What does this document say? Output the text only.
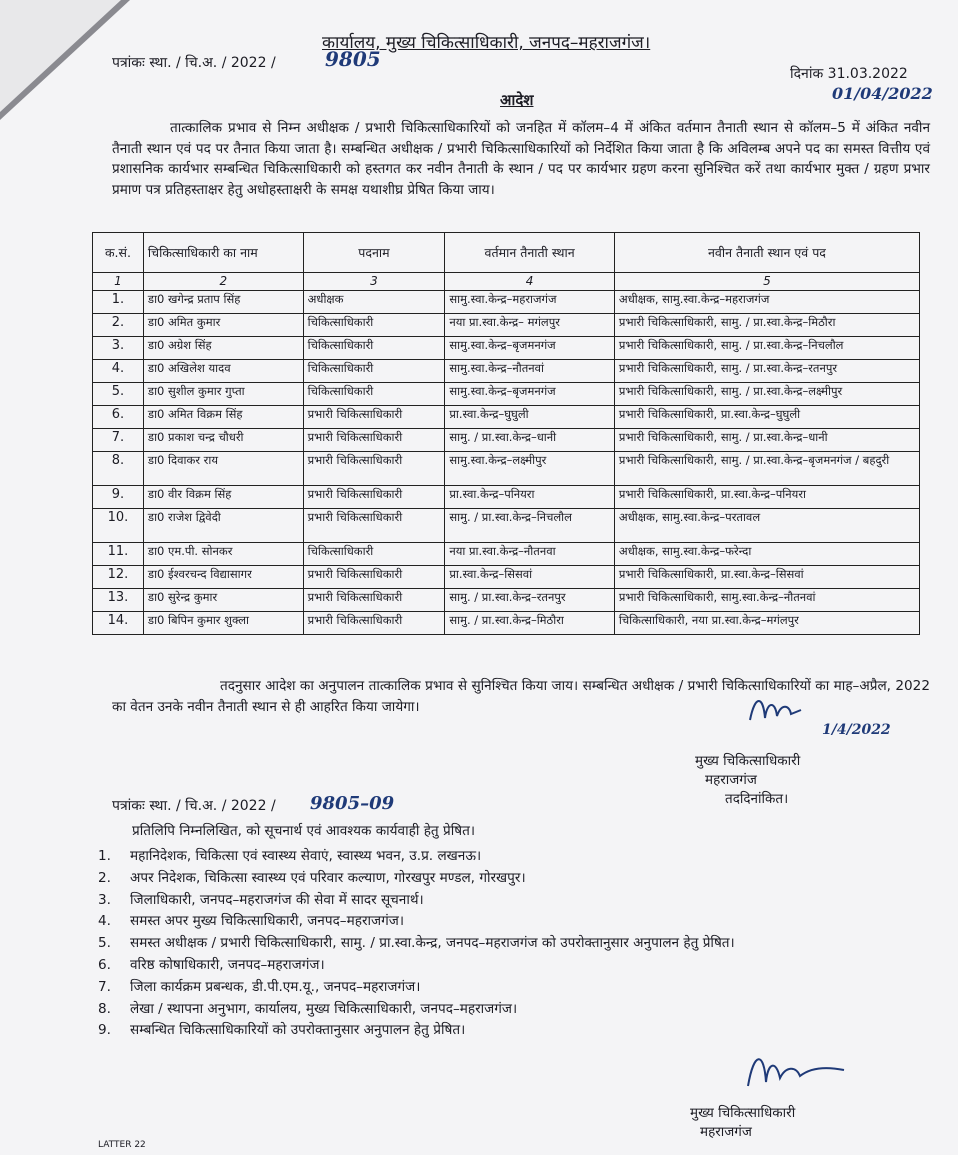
कार्यालय, मुख्य चिकित्साधिकारी, जनपद–महराजगंज।
पत्रांकः स्था. / चि.अ. / 2022 / 9805
दिनांक 31.03.2022
01/04/2022
आदेश
तात्कालिक प्रभाव से निम्न अधीक्षक / प्रभारी चिकित्साधिकारियों को जनहित में कॉलम–4 में अंकित वर्तमान तैनाती स्थान से कॉलम–5 में अंकित नवीन तैनाती स्थान एवं पद पर तैनात किया जाता है। सम्बन्धित अधीक्षक / प्रभारी चिकित्साधिकारियों को निर्देशित किया जाता है कि अविलम्ब अपने पद का समस्त वित्तीय एवं प्रशासनिक कार्यभार सम्बन्धित चिकित्साधिकारी को हस्तगत कर नवीन तैनाती के स्थान / पद पर कार्यभार ग्रहण करना सुनिश्चित करें तथा कार्यभार मुक्त / ग्रहण प्रभार प्रमाण पत्र प्रतिहस्ताक्षर हेतु अधोहस्ताक्षरी के समक्ष यथाशीघ्र प्रेषित किया जाय।
क.सं.	चिकित्साधिकारी का नाम	पदनाम	वर्तमान तैनाती स्थान	नवीन तैनाती स्थान एवं पद
1	2	3	4	5
1.	डा0 खगेन्द्र प्रताप सिंह	अधीक्षक	सामु.स्वा.केन्द्र–महराजगंज	अधीक्षक, सामु.स्वा.केन्द्र–महराजगंज
2.	डा0 अमित कुमार	चिकित्साधिकारी	नया प्रा.स्वा.केन्द्र– मगंलपुर	प्रभारी चिकित्साधिकारी, सामु. / प्रा.स्वा.केन्द्र–मिठौरा
3.	डा0 अग्रेश सिंह	चिकित्साधिकारी	सामु.स्वा.केन्द्र–बृजमनगंज	प्रभारी चिकित्साधिकारी, सामु. / प्रा.स्वा.केन्द्र–निचलौल
4.	डा0 अखिलेश यादव	चिकित्साधिकारी	सामु.स्वा.केन्द्र–नौतनवां	प्रभारी चिकित्साधिकारी, सामु. / प्रा.स्वा.केन्द्र–रतनपुर
5.	डा0 सुशील कुमार गुप्ता	चिकित्साधिकारी	सामु.स्वा.केन्द्र–बृजमनगंज	प्रभारी चिकित्साधिकारी, सामु. / प्रा.स्वा.केन्द्र–लक्ष्मीपुर
6.	डा0 अमित विक्रम सिंह	प्रभारी चिकित्साधिकारी	प्रा.स्वा.केन्द्र–घुघुली	प्रभारी चिकित्साधिकारी, प्रा.स्वा.केन्द्र–घुघुली
7.	डा0 प्रकाश चन्द्र चौधरी	प्रभारी चिकित्साधिकारी	सामु. / प्रा.स्वा.केन्द्र–धानी	प्रभारी चिकित्साधिकारी, सामु. / प्रा.स्वा.केन्द्र–धानी
8.	डा0 दिवाकर राय	प्रभारी चिकित्साधिकारी	सामु.स्वा.केन्द्र–लक्ष्मीपुर	प्रभारी चिकित्साधिकारी, सामु. / प्रा.स्वा.केन्द्र–बृजमनगंज / बहदुरी
9.	डा0 वीर विक्रम सिंह	प्रभारी चिकित्साधिकारी	प्रा.स्वा.केन्द्र–पनियरा	प्रभारी चिकित्साधिकारी, प्रा.स्वा.केन्द्र–पनियरा
10.	डा0 राजेश द्विवेदी	प्रभारी चिकित्साधिकारी	सामु. / प्रा.स्वा.केन्द्र–निचलौल	अधीक्षक, सामु.स्वा.केन्द्र–परतावल
11.	डा0 एम.पी. सोनकर	चिकित्साधिकारी	नया प्रा.स्वा.केन्द्र–नौतनवा	अधीक्षक, सामु.स्वा.केन्द्र–फरेन्दा
12.	डा0 ईश्वरचन्द विद्यासागर	प्रभारी चिकित्साधिकारी	प्रा.स्वा.केन्द्र–सिसवां	प्रभारी चिकित्साधिकारी, प्रा.स्वा.केन्द्र–सिसवां
13.	डा0 सुरेन्द्र कुमार	प्रभारी चिकित्साधिकारी	सामु. / प्रा.स्वा.केन्द्र–रतनपुर	प्रभारी चिकित्साधिकारी, सामु.स्वा.केन्द्र–नौतनवां
14.	डा0 बिपिन कुमार शुक्ला	प्रभारी चिकित्साधिकारी	सामु. / प्रा.स्वा.केन्द्र–मिठौरा	चिकित्साधिकारी, नया प्रा.स्वा.केन्द्र–मगंलपुर
तदनुसार आदेश का अनुपालन तात्कालिक प्रभाव से सुनिश्चित किया जाय। सम्बन्धित अधीक्षक / प्रभारी चिकित्साधिकारियों का माह–अप्रैल, 2022 का वेतन उनके नवीन तैनाती स्थान से ही आहरित किया जायेगा।
1/4/2022
मुख्य चिकित्साधिकारी
महराजगंज
तददिनांकित।
पत्रांकः स्था. / चि.अ. / 2022 / 9805–09
प्रतिलिपि निम्नलिखित, को सूचनार्थ एवं आवश्यक कार्यवाही हेतु प्रेषित।
1. महानिदेशक, चिकित्सा एवं स्वास्थ्य सेवाएं, स्वास्थ्य भवन, उ.प्र. लखनऊ।
2. अपर निदेशक, चिकित्सा स्वास्थ्य एवं परिवार कल्याण, गोरखपुर मण्डल, गोरखपुर।
3. जिलाधिकारी, जनपद–महराजगंज की सेवा में सादर सूचनार्थ।
4. समस्त अपर मुख्य चिकित्साधिकारी, जनपद–महराजगंज।
5. समस्त अधीक्षक / प्रभारी चिकित्साधिकारी, सामु. / प्रा.स्वा.केन्द्र, जनपद–महराजगंज को उपरोक्तानुसार अनुपालन हेतु प्रेषित।
6. वरिष्ठ कोषाधिकारी, जनपद–महराजगंज।
7. जिला कार्यक्रम प्रबन्धक, डी.पी.एम.यू., जनपद–महराजगंज।
8. लेखा / स्थापना अनुभाग, कार्यालय, मुख्य चिकित्साधिकारी, जनपद–महराजगंज।
9. सम्बन्धित चिकित्साधिकारियों को उपरोक्तानुसार अनुपालन हेतु प्रेषित।
मुख्य चिकित्साधिकारी
महराजगंज
LATTER 22
